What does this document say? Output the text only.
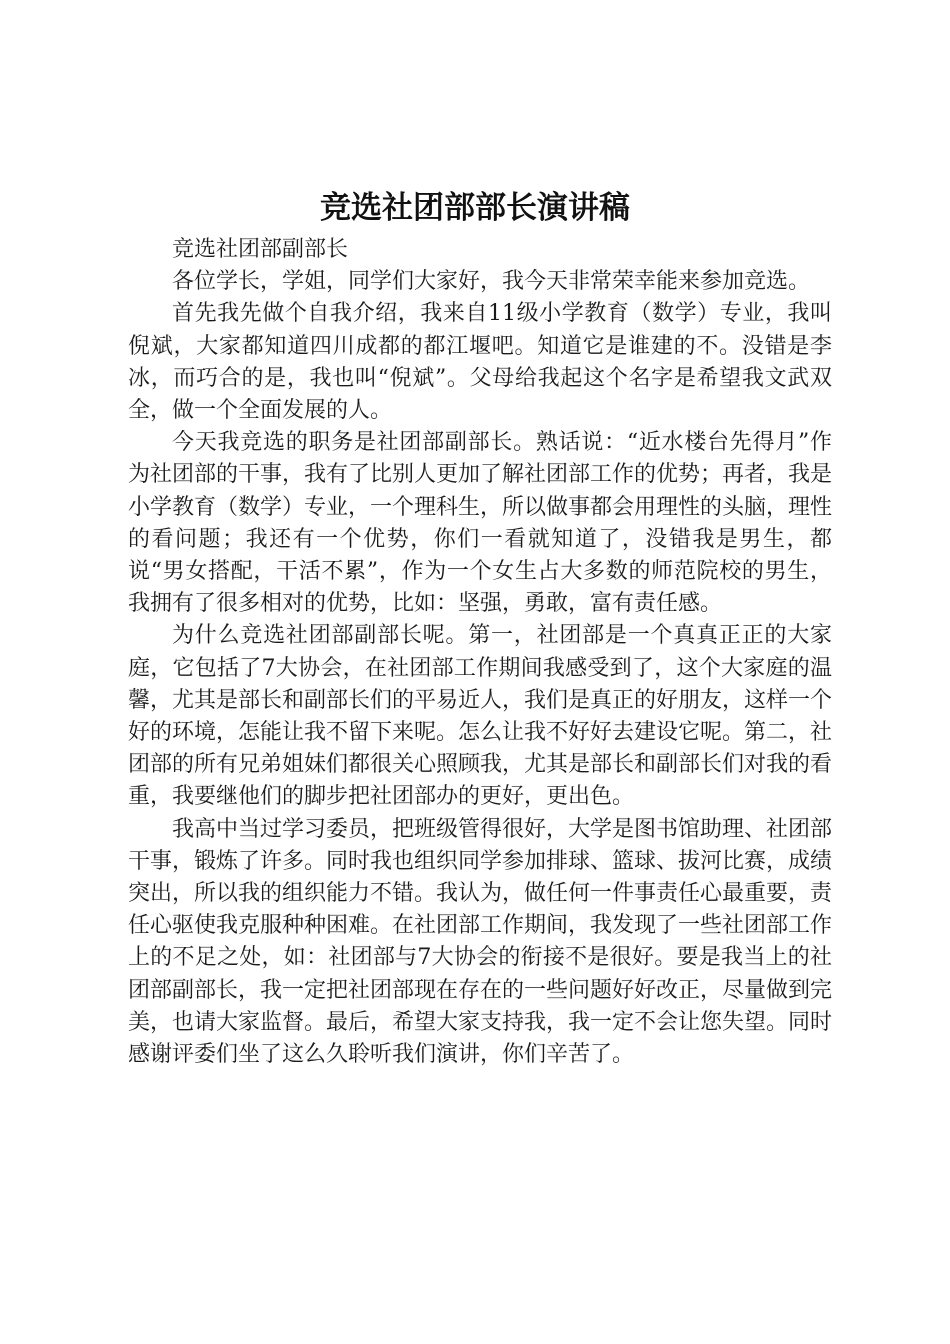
竞选社团部部长演讲稿

竞选社团部副部长

各位学长，学姐，同学们大家好，我今天非常荣幸能来参加竞选。

首先我先做个自我介绍，我来自11级小学教育（数学）专业，我叫倪斌，大家都知道四川成都的都江堰吧。知道它是谁建的不。没错是李冰，而巧合的是，我也叫“倪斌”。父母给我起这个名字是希望我文武双全，做一个全面发展的人。

今天我竞选的职务是社团部副部长。熟话说：“近水楼台先得月”作为社团部的干事，我有了比别人更加了解社团部工作的优势；再者，我是小学教育（数学）专业，一个理科生，所以做事都会用理性的头脑，理性的看问题；我还有一个优势，你们一看就知道了，没错我是男生，都说“男女搭配，干活不累”，作为一个女生占大多数的师范院校的男生，我拥有了很多相对的优势，比如：坚强，勇敢，富有责任感。

为什么竞选社团部副部长呢。第一，社团部是一个真真正正的大家庭，它包括了7大协会，在社团部工作期间我感受到了，这个大家庭的温馨，尤其是部长和副部长们的平易近人，我们是真正的好朋友，这样一个好的环境，怎能让我不留下来呢。怎么让我不好好去建设它呢。第二，社团部的所有兄弟姐妹们都很关心照顾我，尤其是部长和副部长们对我的看重，我要继他们的脚步把社团部办的更好，更出色。

我高中当过学习委员，把班级管得很好，大学是图书馆助理、社团部干事，锻炼了许多。同时我也组织同学参加排球、篮球、拔河比赛，成绩突出，所以我的组织能力不错。我认为，做任何一件事责任心最重要，责任心驱使我克服种种困难。在社团部工作期间，我发现了一些社团部工作上的不足之处，如：社团部与7大协会的衔接不是很好。要是我当上的社团部副部长，我一定把社团部现在存在的一些问题好好改正，尽量做到完美，也请大家监督。最后，希望大家支持我，我一定不会让您失望。同时感谢评委们坐了这么久聆听我们演讲，你们辛苦了。
